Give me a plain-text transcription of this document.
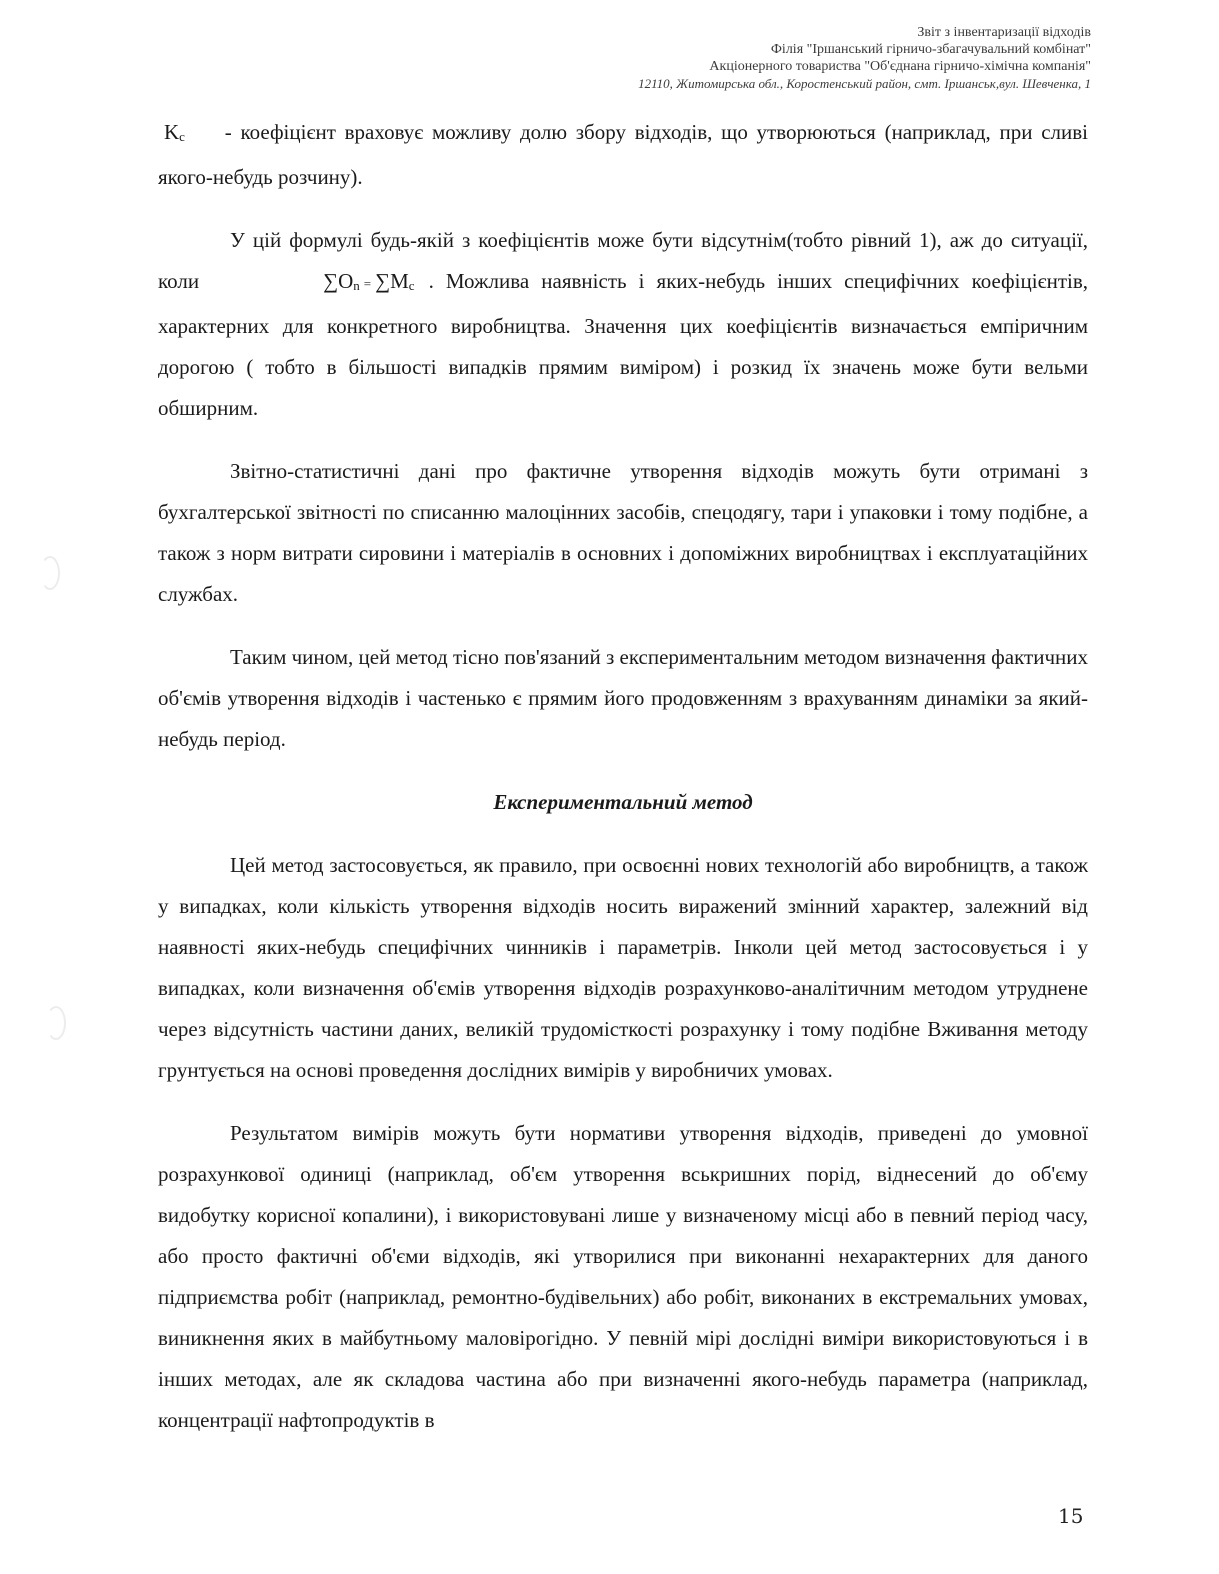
Звіт з інвентаризації відходів
Філія "Іршанський гірничо-збагачувальний комбінат"
Акціонерного товариства "Об'єднана гірничо-хімічна компанія"
12110, Житомирська обл., Коростенський район, смт. Іршанськ,вул. Шевченка, 1

Kc - коефіцієнт враховує можливу долю збору відходів, що утворюються (наприклад, при сливі якого-небудь розчину).

У цій формулі будь-якій з коефіцієнтів може бути відсутнім(тобто рівний 1), аж до ситуації, коли	∑On = ∑Mc . Можлива наявність і яких-небудь інших специфічних коефіцієнтів, характерних для конкретного виробництва. Значення цих коефіцієнтів визначається емпіричним дорогою ( тобто в більшості випадків прямим виміром) і розкид їх значень може бути вельми обширним.

Звітно-статистичні дані про фактичне утворення відходів можуть бути отримані з бухгалтерської звітності по списанню малоцінних засобів, спецодягу, тари і упаковки і тому подібне, а також з норм витрати сировини і матеріалів в основних і допоміжних виробництвах і експлуатаційних службах.

Таким чином, цей метод тісно пов'язаний з експериментальним методом визначення фактичних об'ємів утворення відходів і частенько є прямим його продовженням з врахуванням динаміки за який-небудь період.

Експериментальний метод

Цей метод застосовується, як правило, при освоєнні нових технологій або виробництв, а також у випадках, коли кількість утворення відходів носить виражений змінний характер, залежний від наявності яких-небудь специфічних чинників і параметрів. Інколи цей метод застосовується і у випадках, коли визначення об'ємів утворення відходів розрахунково-аналітичним методом утруднене через відсутність частини даних, великій трудомісткості розрахунку і тому подібне Вживання методу грунтується на основі проведення дослідних вимірів у виробничих умовах.

Результатом вимірів можуть бути нормативи утворення відходів, приведені до умовної розрахункової одиниці (наприклад, об'єм утворення вськришних порід, віднесений до об'єму видобутку корисної копалини), і використовувані лише у визначеному місці або в певний період часу, або просто фактичні об'єми відходів, які утворилися при виконанні нехарактерних для даного підприємства робіт (наприклад, ремонтно-будівельних) або робіт, виконаних в екстремальних умовах, виникнення яких в майбутньому маловірогідно. У певній мірі дослідні виміри використовуються і в інших методах, але як складова частина або при визначенні якого-небудь параметра (наприклад, концентрації нафтопродуктів в

15
